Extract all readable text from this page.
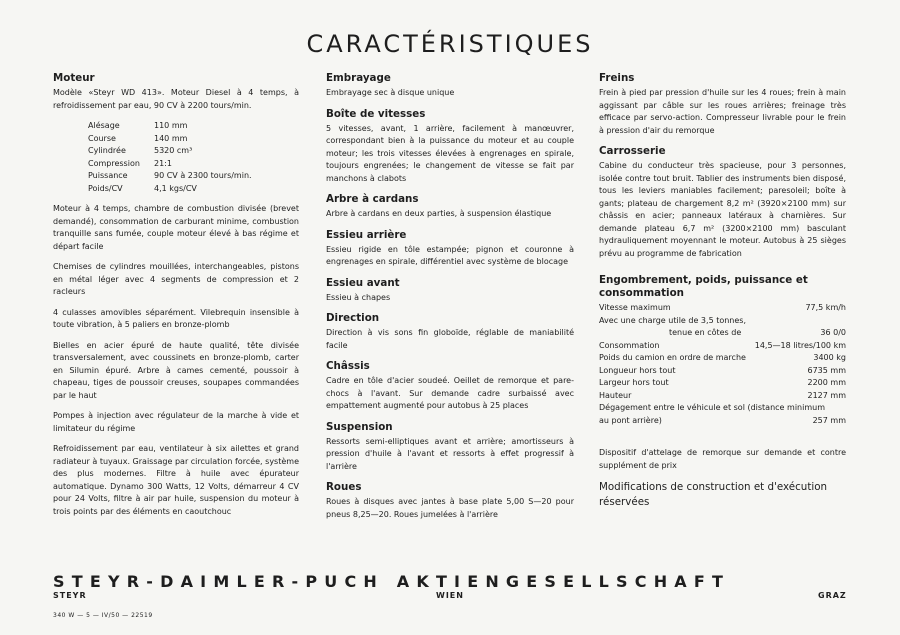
CARACTÉRISTIQUES
Moteur
Modèle «Steyr WD 413». Moteur Diesel à 4 temps, à refroidissement par eau, 90 CV à 2200 tours/min.
Alésage	110 mm
Course	140 mm
Cylindrée	5320 cm³
Compression	21:1
Puissance	90 CV à 2300 tours/min.
Poids/CV	4,1 kgs/CV
Moteur à 4 temps, chambre de combustion divisée (brevet demandé), consommation de carburant minime, combustion tranquille sans fumée, couple moteur élevé à bas régime et départ facile
Chemises de cylindres mouillées, interchangeables, pistons en métal léger avec 4 segments de compression et 2 racleurs
4 culasses amovibles séparément. Vilebrequin insensible à toute vibration, à 5 paliers en bronze-plomb
Bielles en acier épuré de haute qualité, tête divisée transversalement, avec coussinets en bronze-plomb, carter en Silumin épuré. Arbre à cames cementé, poussoir à chapeau, tiges de poussoir creuses, soupapes commandées par le haut
Pompes à injection avec régulateur de la marche à vide et limitateur du régime
Refroidissement par eau, ventilateur à six ailettes et grand radiateur à tuyaux. Graissage par circulation forcée, système des plus modernes. Filtre à huile avec épurateur automatique. Dynamo 300 Watts, 12 Volts, démarreur 4 CV pour 24 Volts, filtre à air par huile, suspension du moteur à trois points par des éléments en caoutchouc
Embrayage
Embrayage sec à disque unique
Boîte de vitesses
5 vitesses, avant, 1 arrière, facilement à manœuvrer, correspondant bien à la puissance du moteur et au couple moteur; les trois vitesses élevées à engrenages en spirale, toujours engrenées; le changement de vitesse se fait par manchons à clabots
Arbre à cardans
Arbre à cardans en deux parties, à suspension élastique
Essieu arrière
Essieu rigide en tôle estampée; pignon et couronne à engrenages en spirale, différentiel avec système de blocage
Essieu avant
Essieu à chapes
Direction
Direction à vis sons fin globoïde, réglable de maniabilité facile
Châssis
Cadre en tôle d'acier soudeé. Oeillet de remorque et pare-chocs à l'avant. Sur demande cadre surbaissé avec empattement augmenté pour autobus à 25 places
Suspension
Ressorts semi-elliptiques avant et arrière; amortisseurs à pression d'huile à l'avant et ressorts à effet progressif à l'arrière
Roues
Roues à disques avec jantes à base plate 5,00 S—20 pour pneus 8,25—20. Roues jumelées à l'arrière
Freins
Frein à pied par pression d'huile sur les 4 roues; frein à main aggissant par câble sur les roues arrières; freinage très efficace par servo-action. Compresseur livrable pour le frein à pression d'air du remorque
Carrosserie
Cabine du conducteur très spacieuse, pour 3 personnes, isolée contre tout bruit. Tablier des instruments bien disposé, tous les leviers maniables facilement; paresoleil; boîte à gants; plateau de chargement 8,2 m² (3920×2100 mm) sur châssis en acier; panneaux latéraux à charnières. Sur demande plateau 6,7 m² (3200×2100 mm) basculant hydrauliquement moyennant le moteur. Autobus à 25 sièges prévu au programme de fabrication
Engombrement, poids, puissance et consommation
Vitesse maximum	77,5 km/h
Avec une charge utile de 3,5 tonnes,	
tenue en côtes de	36 0/0
Consommation	14,5—18 litres/100 km
Poids du camion en ordre de marche	3400 kg
Longueur hors tout	6735 mm
Largeur hors tout	2200 mm
Hauteur	2127 mm
Dégagement entre le véhicule et sol (distance minimum	
au pont arrière)	257 mm
Dispositif d'attelage de remorque sur demande et contre supplément de prix
Modifications de construction et d'exécution réservées
STEYR-DAIMLER-PUCH AKTIENGESELLSCHAFT
STEYR	WIEN	GRAZ
340 W — 5 — IV/50 — 22519
